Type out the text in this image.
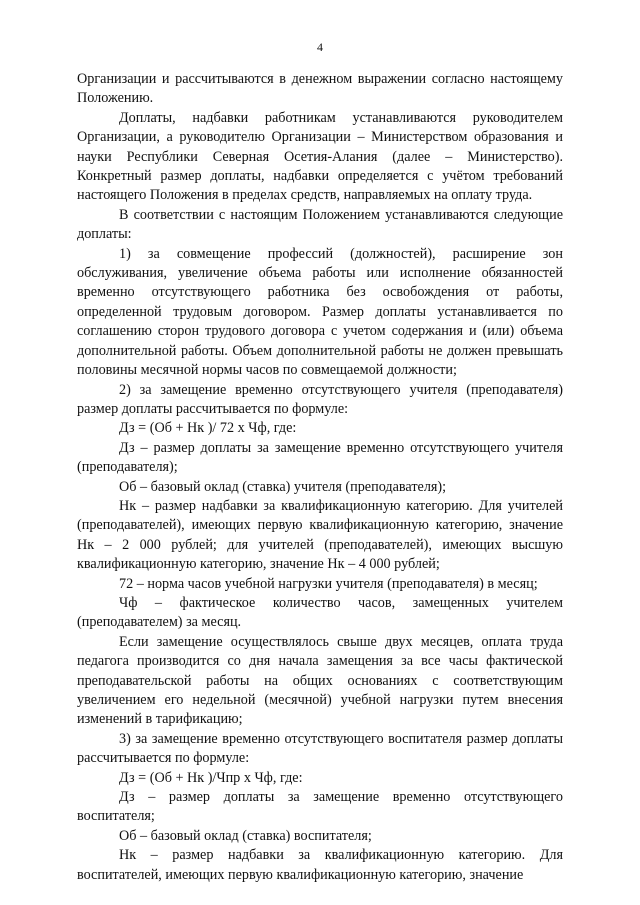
4

Организации и рассчитываются в денежном выражении согласно настоящему Положению.

Доплаты, надбавки работникам устанавливаются руководителем Организации, а руководителю Организации – Министерством образования и науки Республики Северная Осетия-Алания (далее – Министерство). Конкретный размер доплаты, надбавки определяется с учётом требований настоящего Положения в пределах средств, направляемых на оплату труда.

В соответствии с настоящим Положением устанавливаются следующие доплаты:

1) за совмещение профессий (должностей), расширение зон обслуживания, увеличение объема работы или исполнение обязанностей временно отсутствующего работника без освобождения от работы, определенной трудовым договором. Размер доплаты устанавливается по соглашению сторон трудового договора с учетом содержания и (или) объема дополнительной работы. Объем дополнительной работы не должен превышать половины месячной нормы часов по совмещаемой должности;

2) за замещение временно отсутствующего учителя (преподавателя) размер доплаты рассчитывается по формуле:

Дз = (Об + Нк )/ 72 х Чф, где:

Дз – размер доплаты за замещение временно отсутствующего учителя (преподавателя);

Об – базовый оклад (ставка) учителя (преподавателя);

Нк – размер надбавки за квалификационную категорию. Для учителей (преподавателей), имеющих первую квалификационную категорию, значение Нк – 2 000 рублей; для учителей (преподавателей), имеющих высшую квалификационную категорию, значение Нк – 4 000 рублей;

72 – норма часов учебной нагрузки учителя (преподавателя) в месяц;

Чф – фактическое количество часов, замещенных учителем (преподавателем) за месяц.

Если замещение осуществлялось свыше двух месяцев, оплата труда педагога производится со дня начала замещения за все часы фактической преподавательской работы на общих основаниях с соответствующим увеличением его недельной (месячной) учебной нагрузки путем внесения изменений в тарификацию;

3) за замещение временно отсутствующего воспитателя размер доплаты рассчитывается по формуле:

Дз = (Об + Нк )/Чпр х Чф, где:

Дз – размер доплаты за замещение временно отсутствующего воспитателя;

Об – базовый оклад (ставка) воспитателя;

Нк – размер надбавки за квалификационную категорию. Для воспитателей, имеющих первую квалификационную категорию, значение
